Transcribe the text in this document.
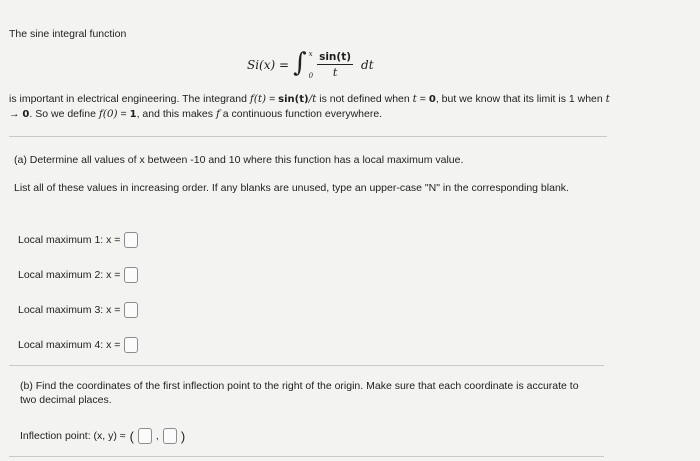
The sine integral function
Si(x) = ∫ x
$0 \frac{\sin(t)}{t}$ dt
is important in electrical engineering. The integrand f(t) = sin(t)/t is not defined when t = 0, but we know that its limit is 1 when t → 0. So we define f(0) = 1, and this makes f a continuous function everywhere.
(a) Determine all values of x between -10 and 10 where this function has a local maximum value.
List all of these values in increasing order. If any blanks are unused, type an upper-case "N" in the corresponding blank.
Local maximum 1: x =
Local maximum 2: x =
Local maximum 3: x =
Local maximum 4: x =
(b) Find the coordinates of the first inflection point to the right of the origin. Make sure that each coordinate is accurate to two decimal places.
Inflection point: (x, y) ≈ ( , )
